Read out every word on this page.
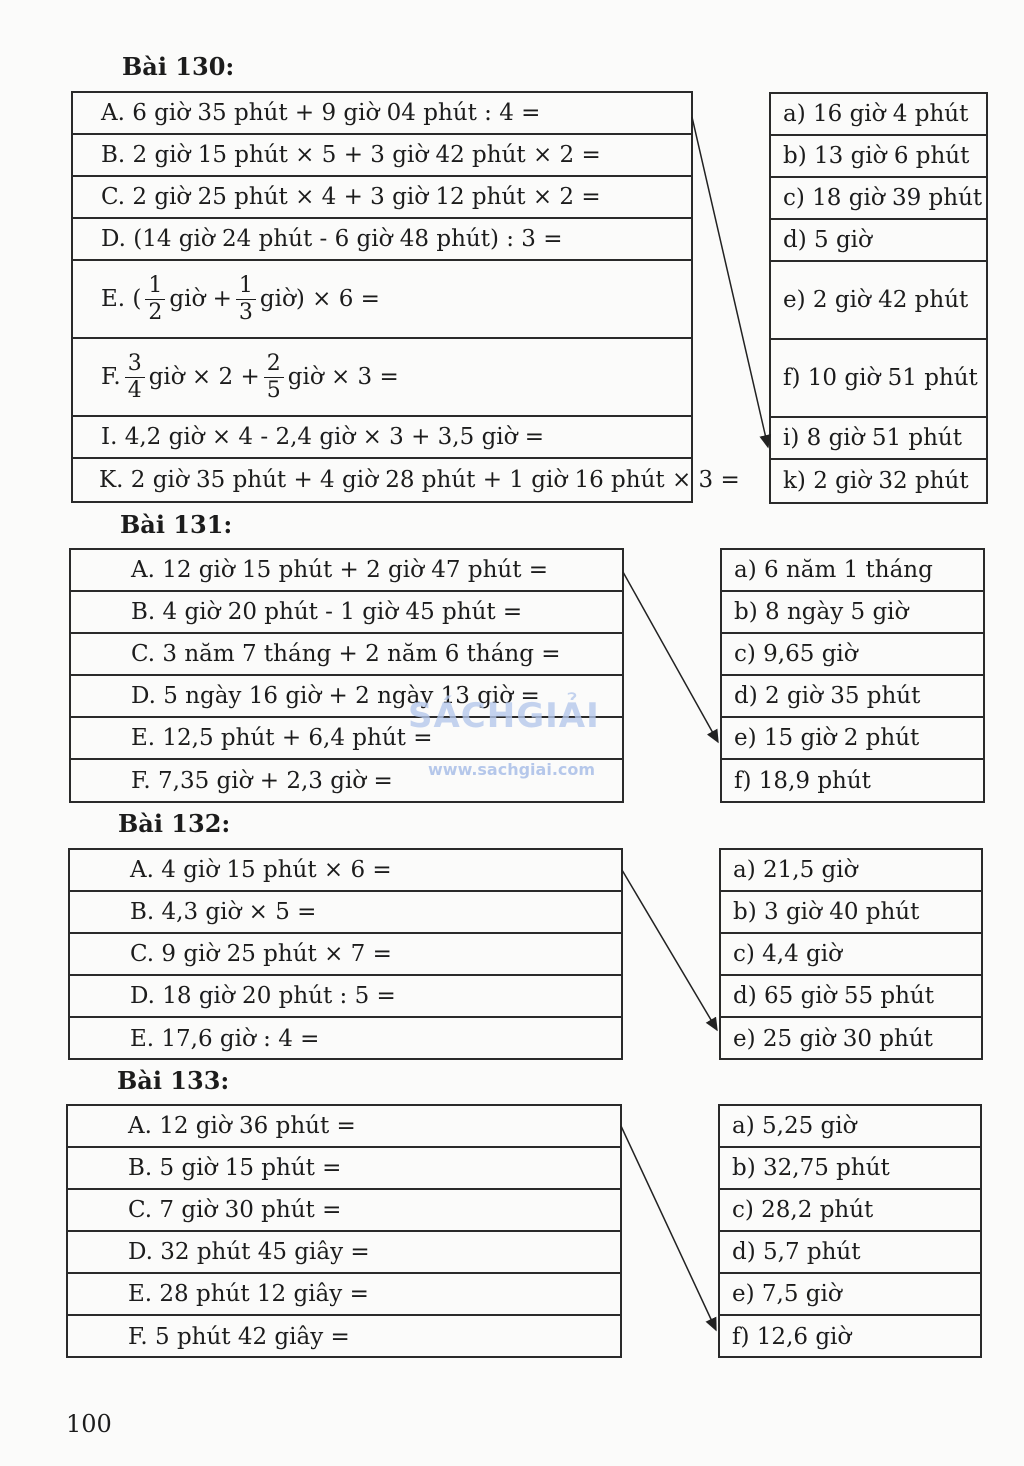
Bài 130:
A. 6 giờ 35 phút + 9 giờ 04 phút : 4 =
B. 2 giờ 15 phút × 5 + 3 giờ 42 phút × 2 =
C. 2 giờ 25 phút × 4 + 3 giờ 12 phút × 2 =
D. (14 giờ 24 phút - 6 giờ 48 phút) : 3 =
E. ( $\frac{1}{2}$ giờ + $\frac{1}{3}$ giờ) × 6 =
F. $\frac{3}{4}$ giờ × $2 + \frac{2}{5}$ giờ × 3 =
I. 4,2 giờ × 4 - 2,4 giờ × 3 + 3,5 giờ =
K. 2 giờ 35 phút + 4 giờ 28 phút + 1 giờ 16 phút × 3 =
a) 16 giờ 4 phút
b) 13 giờ 6 phút
c) 18 giờ 39 phút
d) 5 giờ
e) 2 giờ 42 phút
f) 10 giờ 51 phút
i) 8 giờ 51 phút
k) 2 giờ 32 phút
Bài 131:
A. 12 giờ 15 phút + 2 giờ 47 phút =
B. 4 giờ 20 phút - 1 giờ 45 phút =
C. 3 năm 7 tháng + 2 năm 6 tháng =
D. 5 ngày 16 giờ + 2 ngày 13 giờ =
E. 12,5 phút + 6,4 phút =
F. 7,35 giờ + 2,3 giờ =
a) 6 năm 1 tháng
b) 8 ngày 5 giờ
c) 9,65 giờ
d) 2 giờ 35 phút
e) 15 giờ 2 phút
f) 18,9 phút
Bài 132:
A. 4 giờ 15 phút × 6 =
B. 4,3 giờ × 5 =
C. 9 giờ 25 phút × 7 =
D. 18 giờ 20 phút : 5 =
E. 17,6 giờ : 4 =
a) 21,5 giờ
b) 3 giờ 40 phút
c) 4,4 giờ
d) 65 giờ 55 phút
e) 25 giờ 30 phút
Bài 133:
A. 12 giờ 36 phút =
B. 5 giờ 15 phút =
C. 7 giờ 30 phút =
D. 32 phút 45 giây =
E. 28 phút 12 giây =
F. 5 phút 42 giây =
a) 5,25 giờ
b) 32,75 phút
c) 28,2 phút
d) 5,7 phút
e) 7,5 giờ
f) 12,6 giờ
SÁCHGIẢI
www.sachgiai.com
100
